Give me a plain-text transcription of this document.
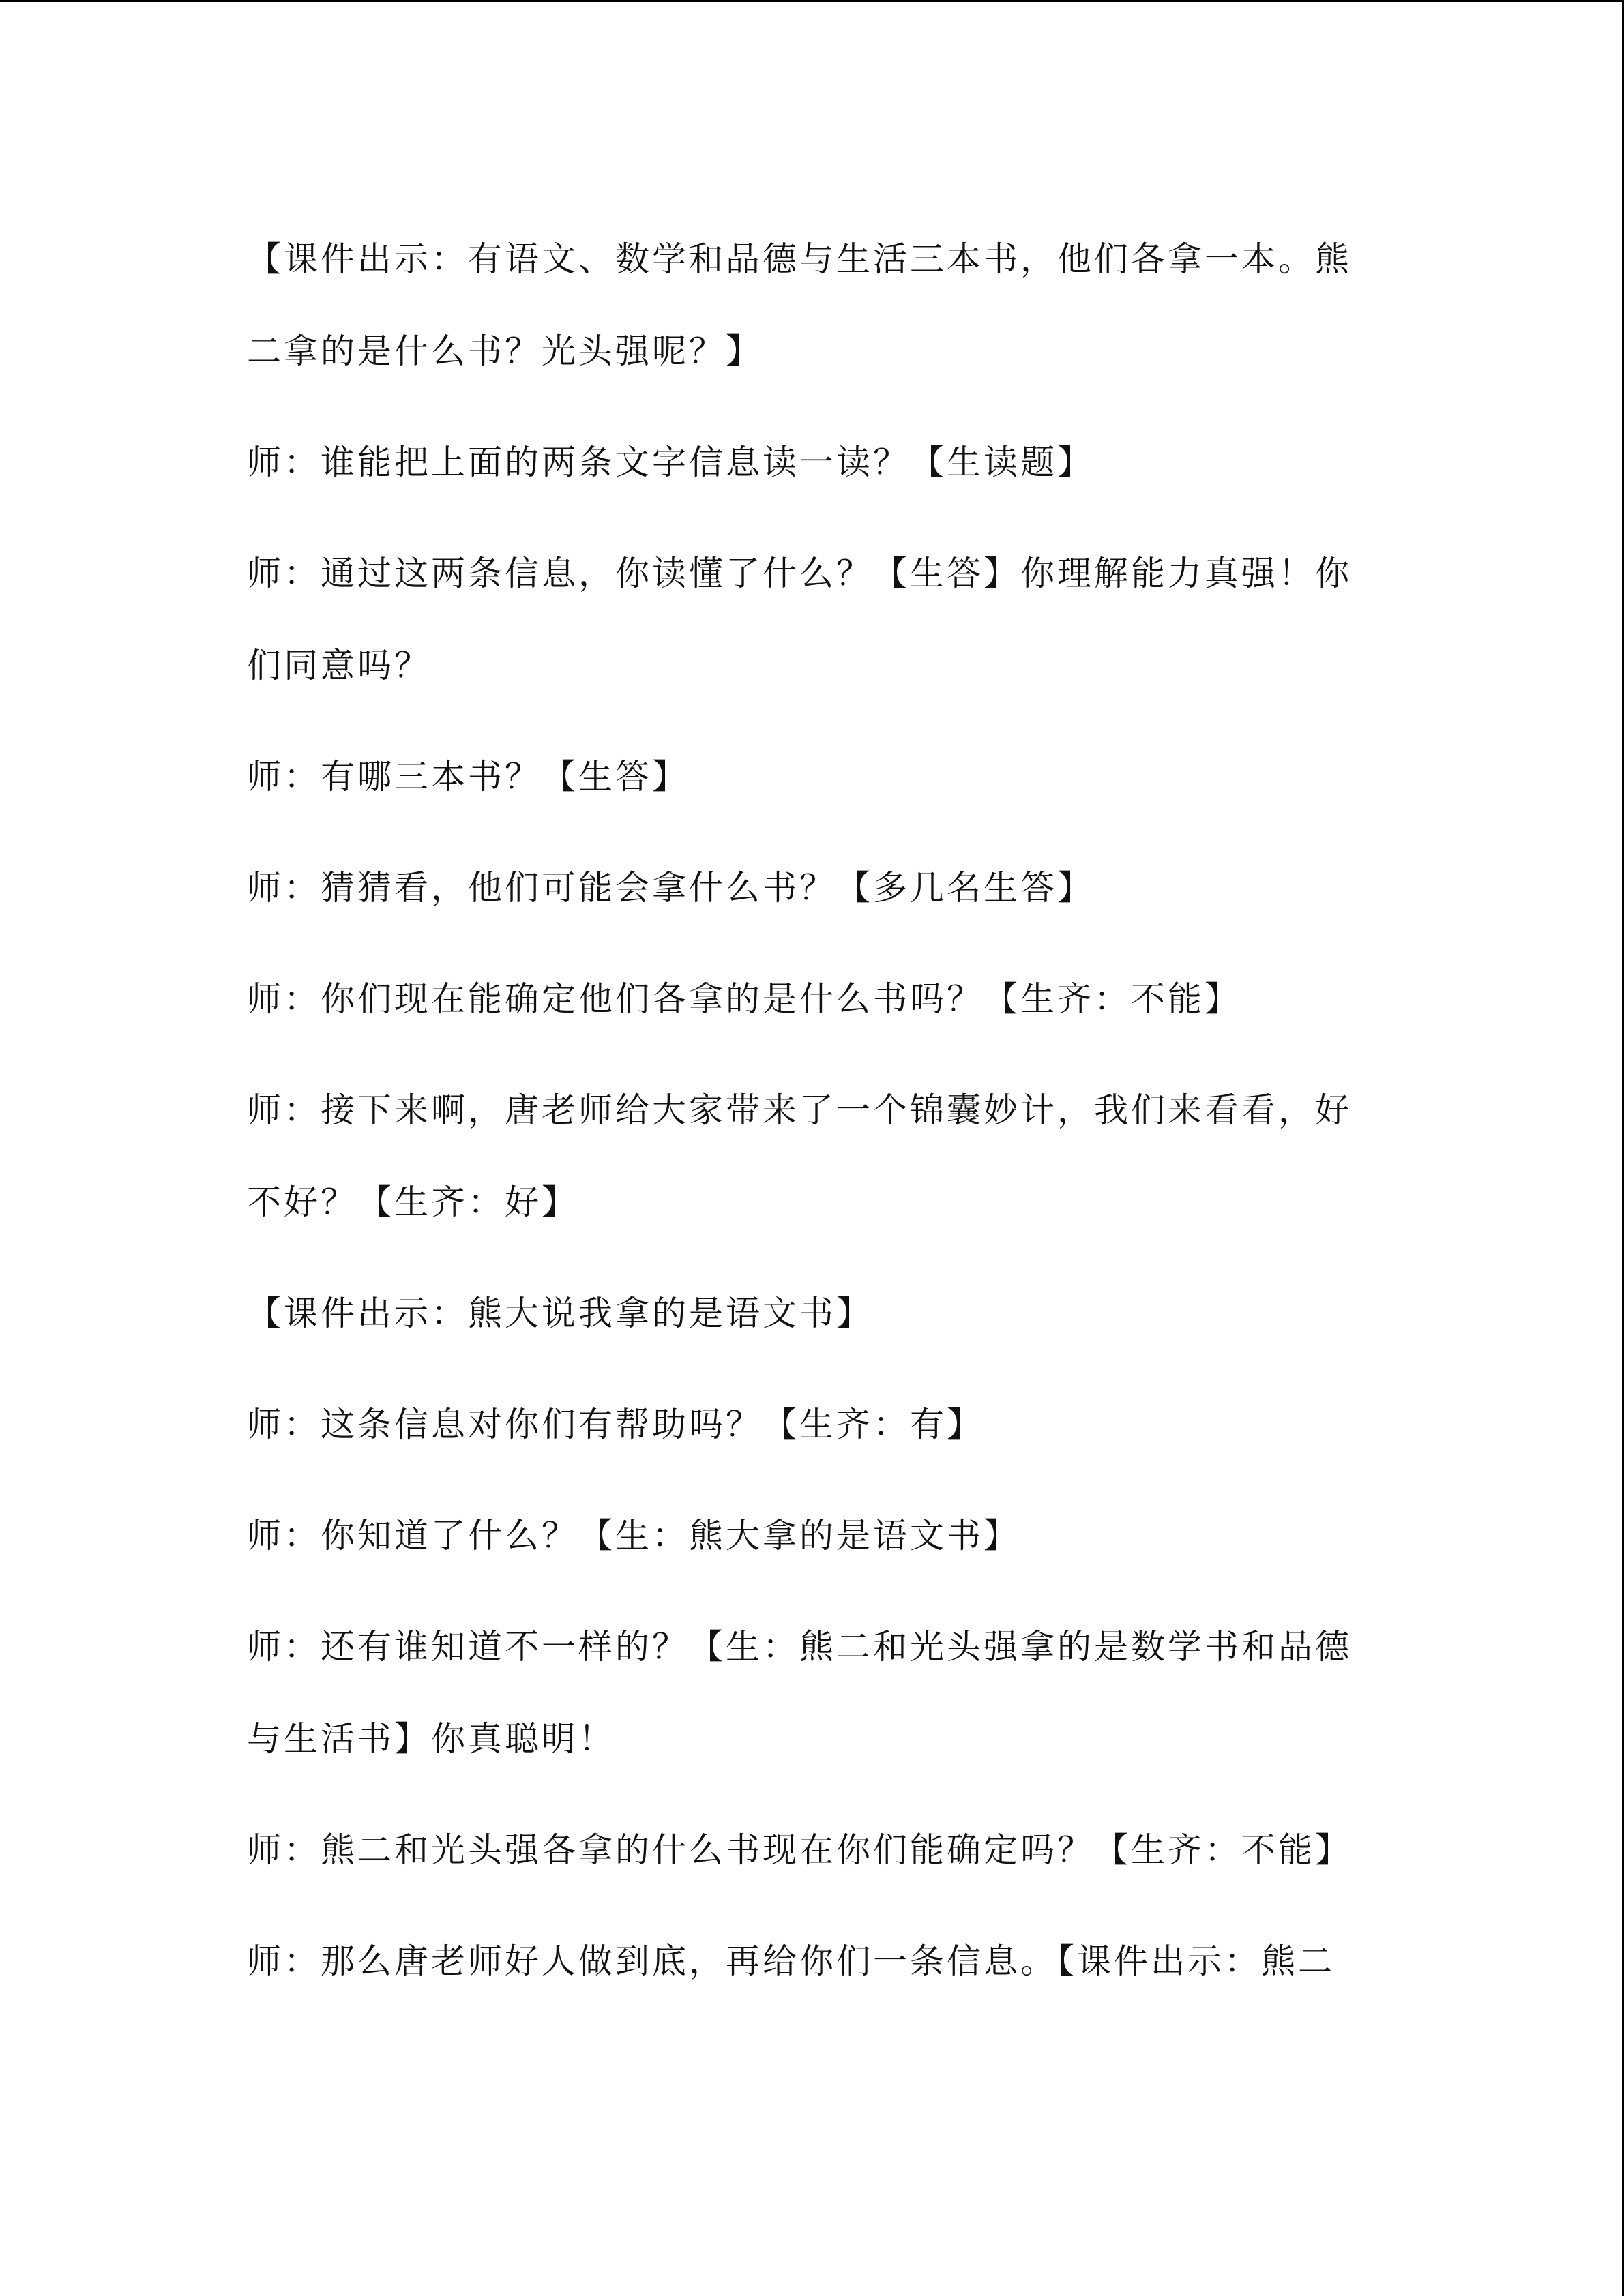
【课件出示：有语文、数学和品德与生活三本书，他们各拿一本。熊二拿的是什么书？光头强呢？】

师：谁能把上面的两条文字信息读一读？【生读题】

师：通过这两条信息，你读懂了什么？【生答】你理解能力真强！你们同意吗？

师：有哪三本书？【生答】

师：猜猜看，他们可能会拿什么书？【多几名生答】

师：你们现在能确定他们各拿的是什么书吗？【生齐：不能】

师：接下来啊，唐老师给大家带来了一个锦囊妙计，我们来看看，好不好？【生齐：好】

【课件出示：熊大说我拿的是语文书】

师：这条信息对你们有帮助吗？【生齐：有】

师：你知道了什么？【生：熊大拿的是语文书】

师：还有谁知道不一样的？【生：熊二和光头强拿的是数学书和品德与生活书】你真聪明！

师：熊二和光头强各拿的什么书现在你们能确定吗？【生齐：不能】

师：那么唐老师好人做到底，再给你们一条信息。【课件出示：熊二
